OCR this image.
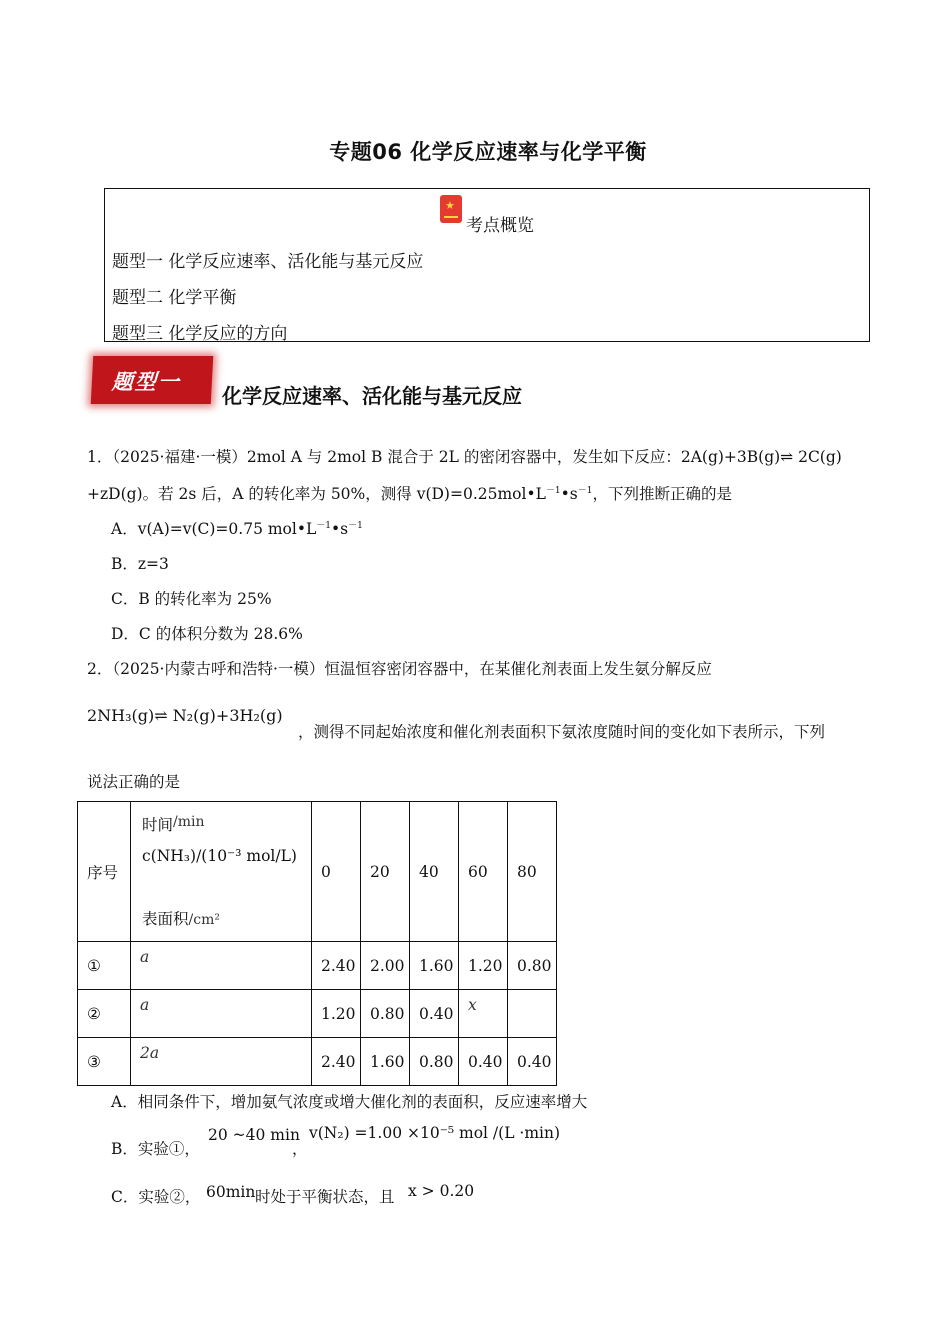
专题06 化学反应速率与化学平衡
★考点概览
题型一 化学反应速率、活化能与基元反应
题型二 化学平衡
题型三 化学反应的方向
题型一
化学反应速率、活化能与基元反应
1．（2025·福建·一模）2mol A 与 2mol B 混合于 2L 的密闭容器中，发生如下反应：2A(g)+3B(g)⇌ 2C(g)
+zD(g)。若 2s 后，A 的转化率为 50%，测得 $v(D)=0.25mol•L^{-1}•s^{-1}$，下列推断正确的是
A．v(A)=v(C)=0.75 $mol•L^{-1}•s^{-1}$
B．z=3
C．B 的转化率为 25%
D．C 的体积分数为 28.6%
2．（2025·内蒙古呼和浩特·一模）恒温恒容密闭容器中，在某催化剂表面上发生氨分解反应
2NH₃(g)⇌ N₂(g)+3H₂(g)
，测得不同起始浓度和催化剂表面积下氨浓度随时间的变化如下表所示，下列
说法正确的是
序号	时间/min
c(NH₃)/(10⁻³ mol/L)
表面积/cm²	0	20	40	60	80
①	a	2.40	2.00	1.60	1.20	0.80
②	a	1.20	0.80	0.40	x	
③	2a	2.40	1.60	0.80	0.40	0.40
A．相同条件下，增加氨气浓度或增大催化剂的表面积，反应速率增大
B．实验①，
20 ~40 min
，
v(N₂) =1.00 ×10⁻⁵ mol /(L ·min)
C．实验②， 60min 时处于平衡状态，且 x > 0.20
